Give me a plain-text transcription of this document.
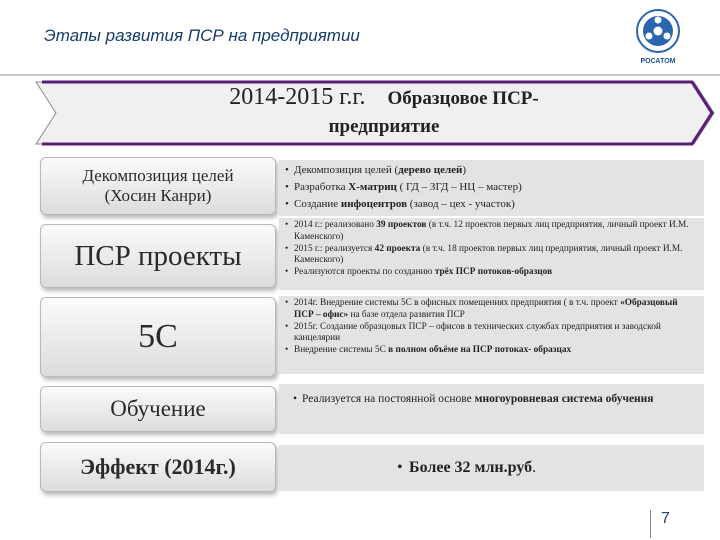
Этапы развития ПСР на предприятии
РОСАТОМ
2014-2015 г.г. Образцовое ПСР-
предприятие
Декомпозиция целей
(Хосин Канри)
• Декомпозиция целей (дерево целей)
• Разработка Х-матриц ( ГД – ЗГД – НЦ – мастер)
• Создание инфоцентров (завод – цех - участок)
ПСР проекты
• 2014 г.: реализовано 39 проектов (в т.ч. 12 проектов первых лиц предприятия, личный проект И.М. Каменского)
• 2015 г.: реализуется 42 проекта (в т.ч. 18 проектов первых лиц предприятия, личный проект И.М. Каменского)
• Реализуются проекты по созданию трёх ПСР потоков-образцов
5С
• 2014г. Внедрение системы 5С в офисных помещениях предприятия ( в т.ч. проект «Образцовый ПСР – офис» на базе отдела развития ПСР
• 2015г. Создание образцовых ПСР – офисов в технических службах предприятия и заводской канцелярии
• Внедрение системы 5С в полном объёме на ПСР потоках- образцах
Обучение	• Реализуется на постоянной основе многоуровневая система обучения
Эффект (2014г.)	• Более 32 млн.руб.
7
